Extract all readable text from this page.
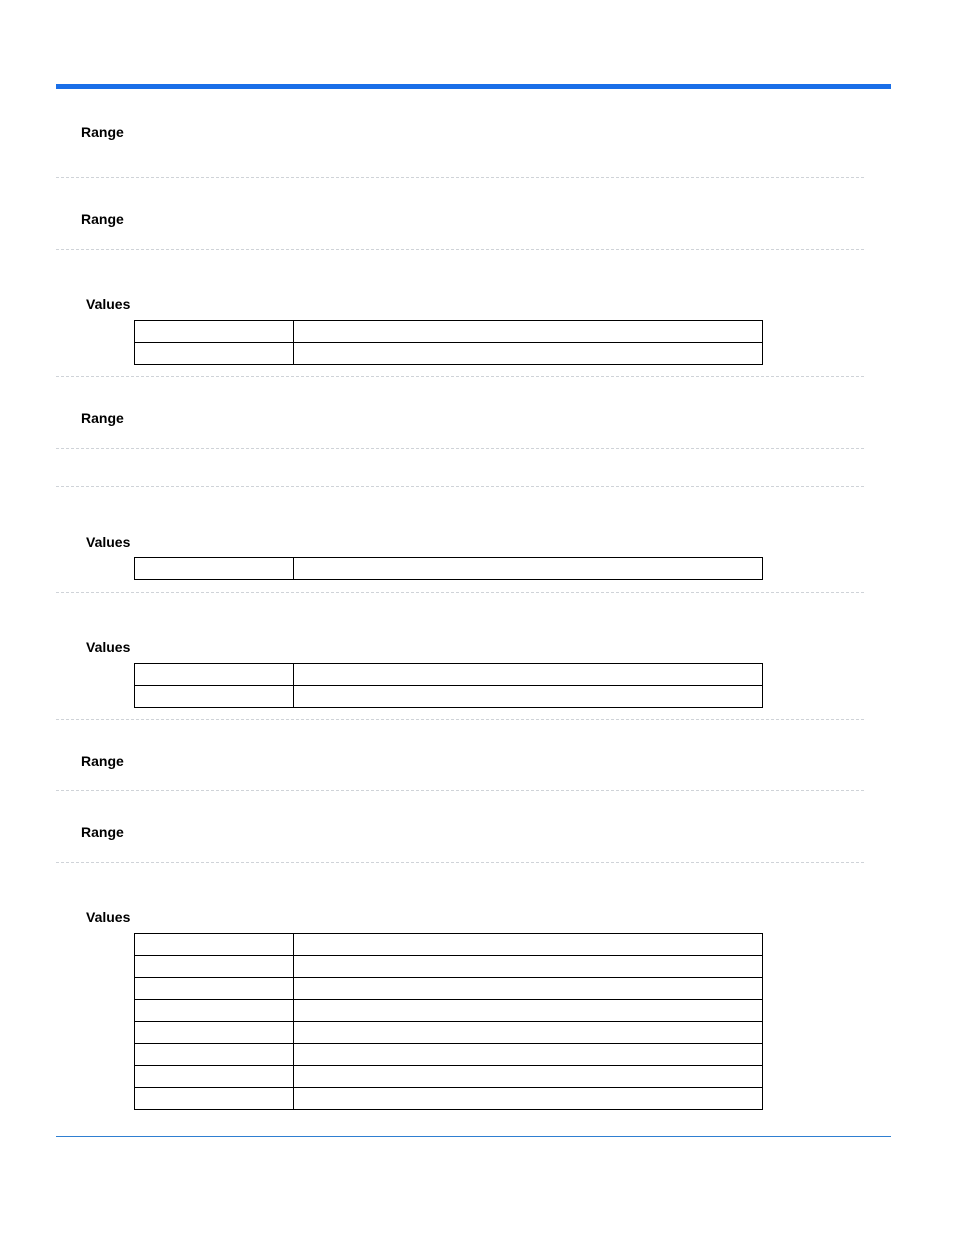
Range
Range
Values

Range
Values

Values

Range
Range
Values
